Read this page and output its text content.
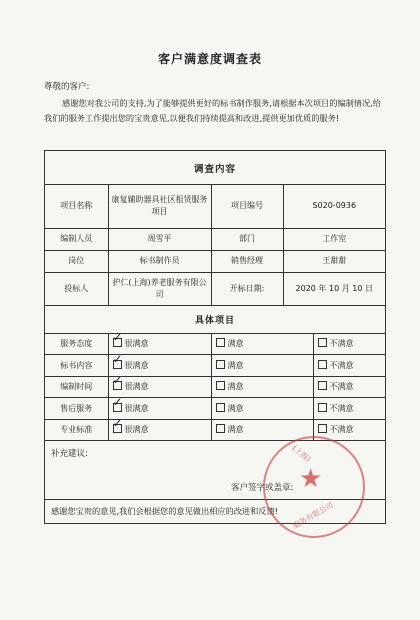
客户满意度调查表
尊敬的客户:
感谢您对我公司的支持,为了能够提供更好的标书制作服务,请根据本次项目的编制情况,给我们的服务工作提出您的宝贵意见,以便我们持续提高和改进,提供更加优质的服务!
调查内容
项目名称	康复辅助器具社区租赁服务项目	项目编号	S020-0936
编制人员	周雪平	部门	工作室
岗位	标书制作员	销售经理	王甜甜
投标人	护仁(上海)养老服务有限公司	开标日期:	2020 年 10 月 10 日
具体项目
服务态度	✓ 很满意	满意	不满意
标书内容	✓ 很满意	满意	不满意
编制时间	✓ 很满意	满意	不满意
售后服务	✓ 很满意	满意	不满意
专业标准	✓ 很满意	满意	不满意
补充建议:
客户签字或盖章:
感谢您宝贵的意见,我们会根据您的意见做出相应的改进和反馈!
(上海)
★
服务有限公司
